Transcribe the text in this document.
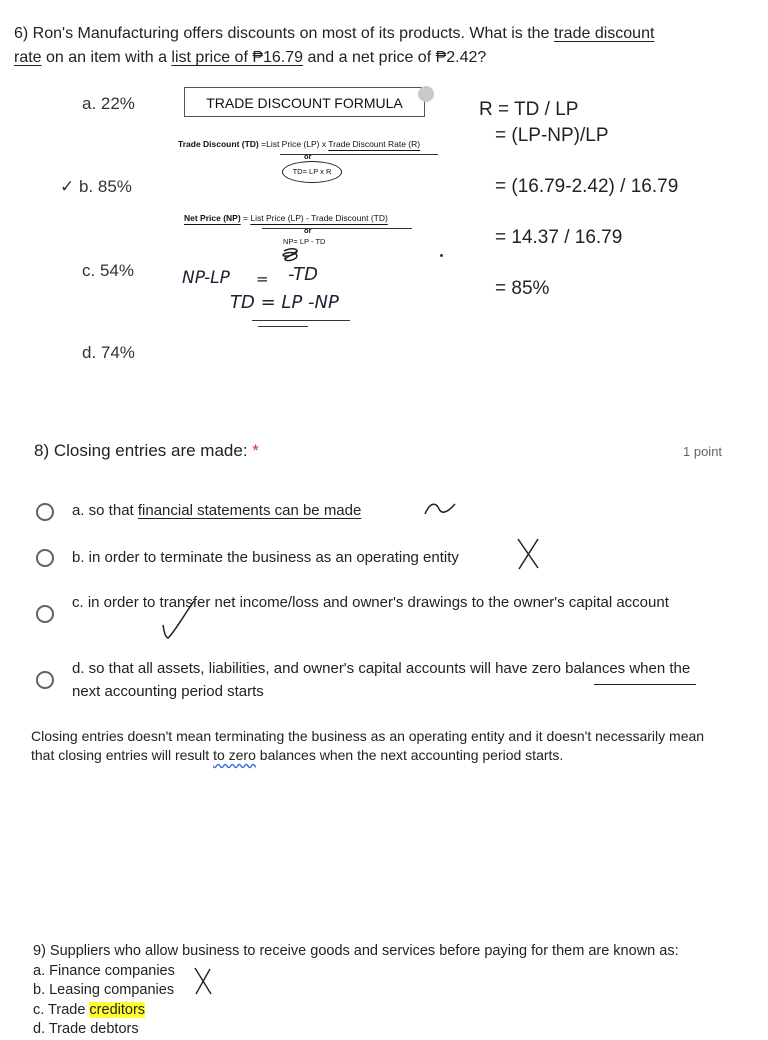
6) Ron's Manufacturing offers discounts on most of its products. What is the trade discount
rate on an item with a list price of ₱16.79 and a net price of ₱2.42?
a. 22%
✓ b. 85%
c. 54%
d. 74%
TRADE DISCOUNT FORMULA
Trade Discount (TD) =List Price (LP) x Trade Discount Rate (R)
or
TD= LP x R
Net Price (NP) = List Price (LP) - Trade Discount (TD)
or
NP= LP - TD
NP-LP = -TD
TD = LP -NP
R = TD / LP
= (LP-NP)/LP
= (16.79-2.42) / 16.79
= 14.37 / 16.79
= 85%
8) Closing entries are made: *	1 point
a. so that financial statements can be made
b. in order to terminate the business as an operating entity
c. in order to transfer net income/loss and owner's drawings to the owner's capital account
d. so that all assets, liabilities, and owner's capital accounts will have zero balances when the next accounting period starts
Closing entries doesn't mean terminating the business as an operating entity and it doesn't necessarily mean that closing entries will result to zero balances when the next accounting period starts.
9) Suppliers who allow business to receive goods and services before paying for them are known as:
a. Finance companies
b. Leasing companies
c. Trade creditors
d. Trade debtors
